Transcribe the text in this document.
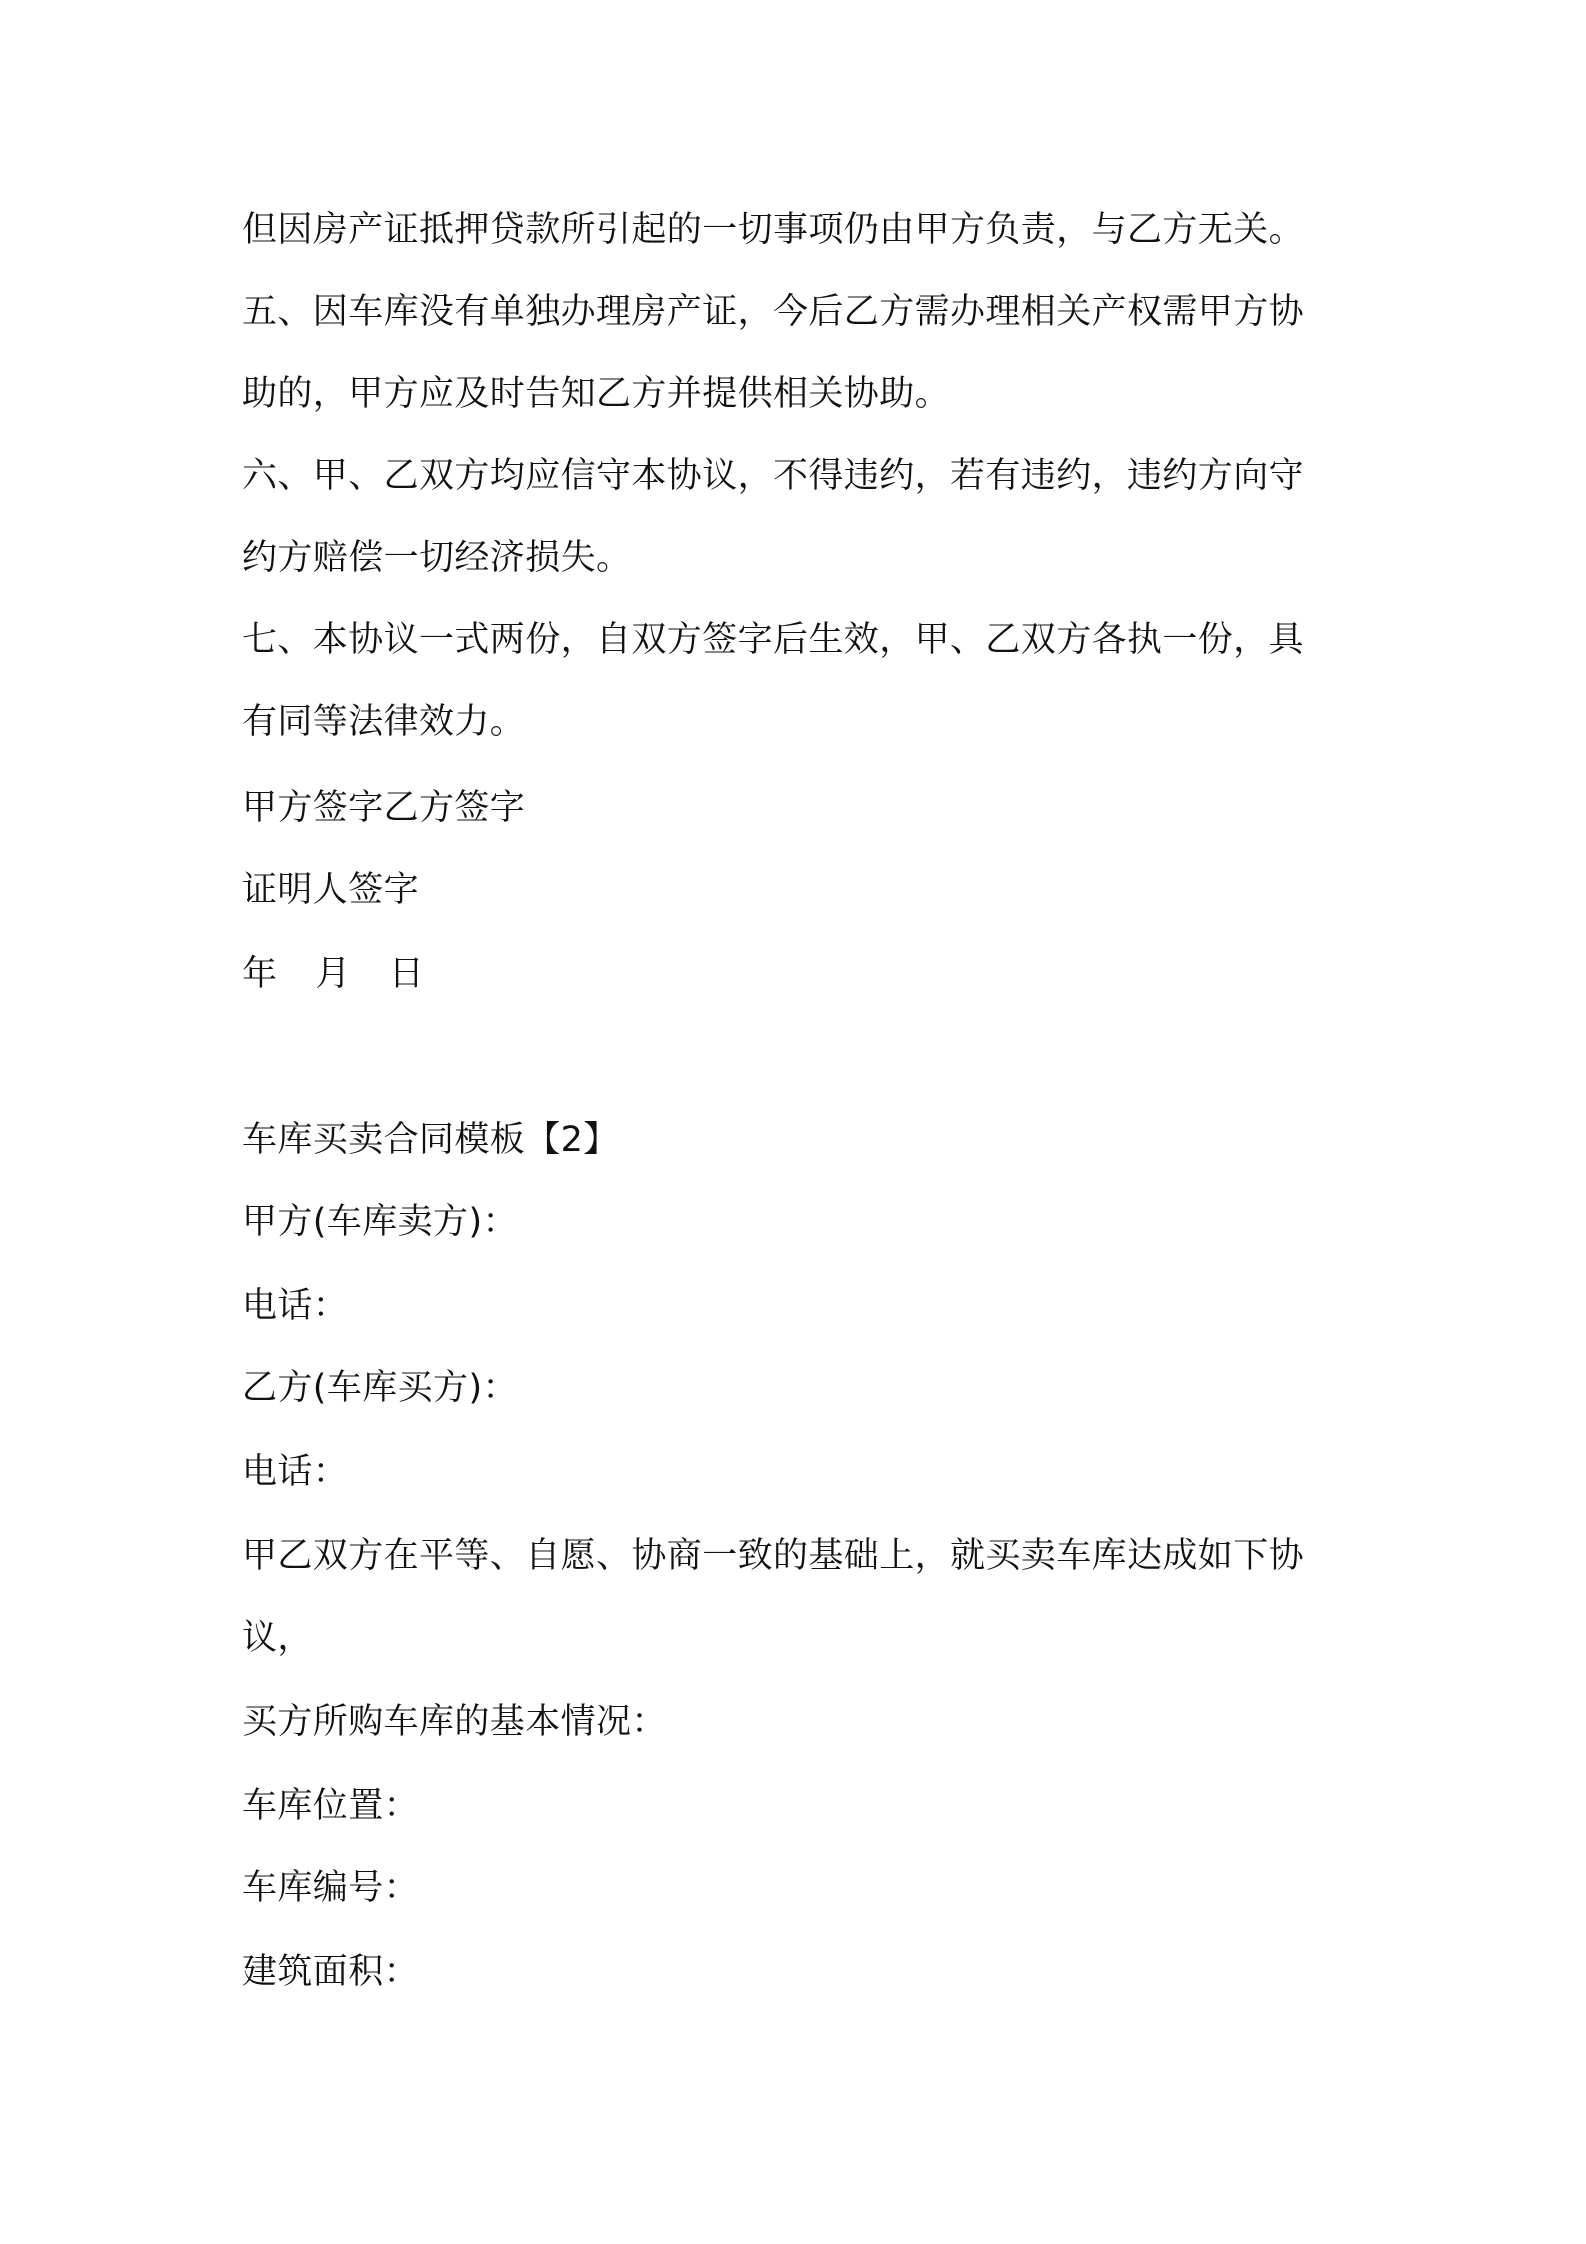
但因房产证抵押贷款所引起的一切事项仍由甲方负责，与乙方无关。

五、因车库没有单独办理房产证，今后乙方需办理相关产权需甲方协

助的，甲方应及时告知乙方并提供相关协助。

六、甲、乙双方均应信守本协议，不得违约，若有违约，违约方向守

约方赔偿一切经济损失。

七、本协议一式两份，自双方签字后生效，甲、乙双方各执一份，具

有同等法律效力。

甲方签字乙方签字

证明人签字

年 月 日

车库买卖合同模板【2】

甲方(车库卖方)：

电话：

乙方(车库买方)：

电话：

甲乙双方在平等、自愿、协商一致的基础上，就买卖车库达成如下协

议，

买方所购车库的基本情况：

车库位置：

车库编号：

建筑面积：
